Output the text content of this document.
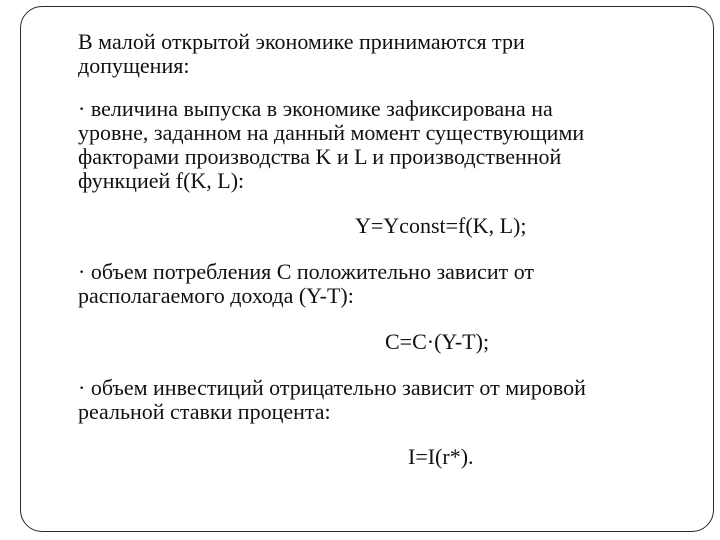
В малой открытой экономике принимаются три
допущения:

· величина выпуска в экономике зафиксирована на
уровне, заданном на данный момент существующими
факторами производства K и L и производственной
функцией f(K, L):

Y=Yconst=f(K, L);

· объем потребления C положительно зависит от
располагаемого дохода (Y-T):

C=C·(Y-T);

· объем инвестиций отрицательно зависит от мировой
реальной ставки процента:

I=I(r*).
